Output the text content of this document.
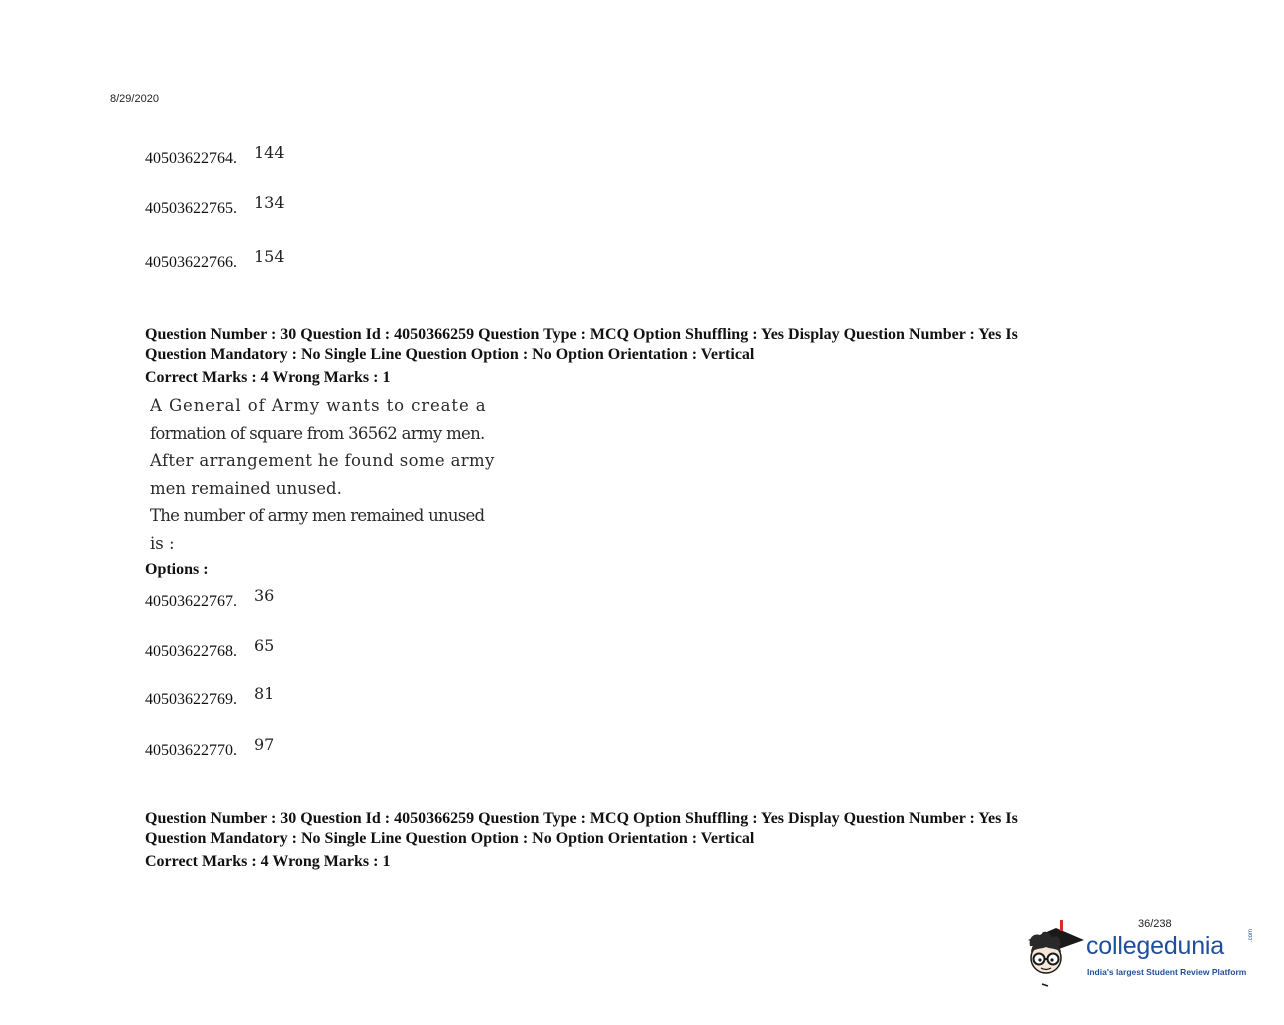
8/29/2020
40503622764. 144
40503622765. 134
40503622766. 154
Question Number : 30 Question Id : 4050366259 Question Type : MCQ Option Shuffling : Yes Display Question Number : Yes Is
Question Mandatory : No Single Line Question Option : No Option Orientation : Vertical
Correct Marks : 4 Wrong Marks : 1
A General of Army wants to create a
formation of square from 36562 army men.
After arrangement he found some army
men remained unused.
The number of army men remained unused
is :
Options :
40503622767. 36
40503622768. 65
40503622769. 81
40503622770. 97
Question Number : 30 Question Id : 4050366259 Question Type : MCQ Option Shuffling : Yes Display Question Number : Yes Is
Question Mandatory : No Single Line Question Option : No Option Orientation : Vertical
Correct Marks : 4 Wrong Marks : 1
36/238
collegedunia	.com
India's largest Student Review Platform
